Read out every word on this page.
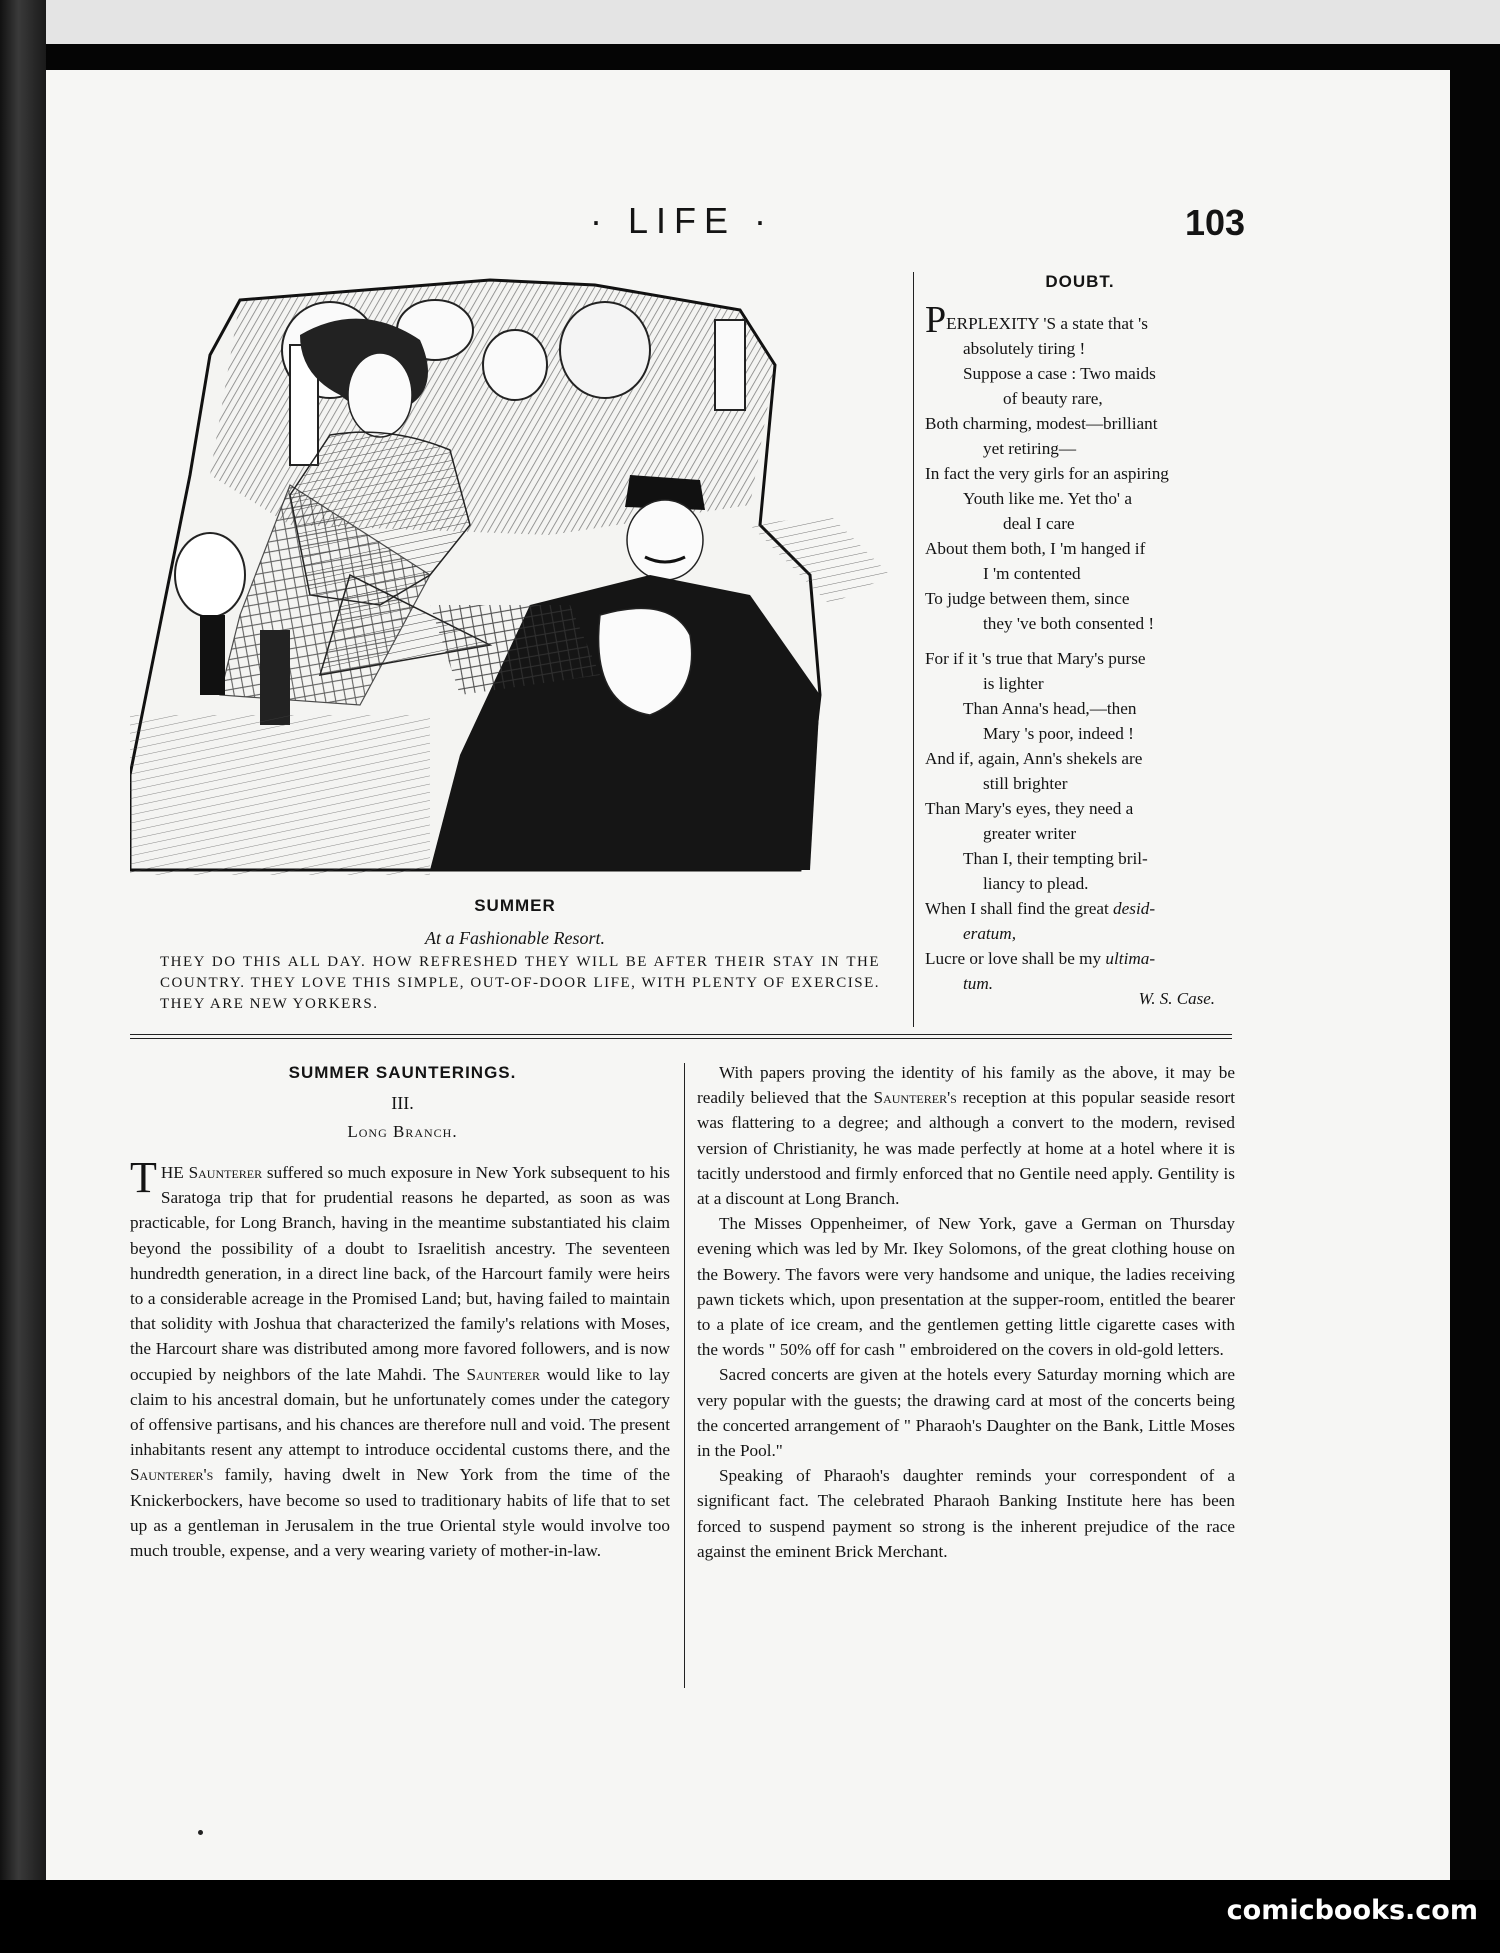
· LIFE ·	103
SUMMER
At a Fashionable Resort.
THEY DO THIS ALL DAY. HOW REFRESHED THEY WILL BE AFTER THEIR STAY IN THE COUNTRY. THEY LOVE THIS SIMPLE, OUT-OF-DOOR LIFE, WITH PLENTY OF EXERCISE. THEY ARE NEW YORKERS.
DOUBT.
PERPLEXITY 'S a state that 's
absolutely tiring !
Suppose a case : Two maids
of beauty rare,
Both charming, modest—brilliant
yet retiring—
In fact the very girls for an aspiring
Youth like me. Yet tho' a
deal I care
About them both, I 'm hanged if
I 'm contented
To judge between them, since
they 've both consented !
For if it 's true that Mary's purse
is lighter
Than Anna's head,—then
Mary 's poor, indeed !
And if, again, Ann's shekels are
still brighter
Than Mary's eyes, they need a
greater writer
Than I, their tempting bril-
liancy to plead.
When I shall find the great desid-
eratum,
Lucre or love shall be my ultima-
tum.
W. S. Case.
SUMMER SAUNTERINGS.
III.
Long Branch.
THE Saunterer suffered so much exposure in New York subsequent to his Saratoga trip that for prudential reasons he departed, as soon as was practicable, for Long Branch, having in the meantime substantiated his claim beyond the possibility of a doubt to Israelitish ancestry. The seventeen hundredth generation, in a direct line back, of the Harcourt family were heirs to a considerable acreage in the Promised Land; but, having failed to maintain that solidity with Joshua that characterized the family's relations with Moses, the Harcourt share was distributed among more favored followers, and is now occupied by neighbors of the late Mahdi. The Saunterer would like to lay claim to his ancestral domain, but he unfortunately comes under the category of offensive partisans, and his chances are therefore null and void. The present inhabitants resent any attempt to introduce occidental customs there, and the Saunterer's family, having dwelt in New York from the time of the Knickerbockers, have become so used to traditionary habits of life that to set up as a gentleman in Jerusalem in the true Oriental style would involve too much trouble, expense, and a very wearing variety of mother-in-law.

With papers proving the identity of his family as the above, it may be readily believed that the Saunterer's reception at this popular seaside resort was flattering to a degree; and although a convert to the modern, revised version of Christianity, he was made perfectly at home at a hotel where it is tacitly understood and firmly enforced that no Gentile need apply. Gentility is at a discount at Long Branch.

The Misses Oppenheimer, of New York, gave a German on Thursday evening which was led by Mr. Ikey Solomons, of the great clothing house on the Bowery. The favors were very handsome and unique, the ladies receiving pawn tickets which, upon presentation at the supper-room, entitled the bearer to a plate of ice cream, and the gentlemen getting little cigarette cases with the words " 50% off for cash " embroidered on the covers in old-gold letters.

Sacred concerts are given at the hotels every Saturday morning which are very popular with the guests; the drawing card at most of the concerts being the concerted arrangement of " Pharaoh's Daughter on the Bank, Little Moses in the Pool."

Speaking of Pharaoh's daughter reminds your correspondent of a significant fact. The celebrated Pharaoh Banking Institute here has been forced to suspend payment so strong is the inherent prejudice of the race against the eminent Brick Merchant.

comicbooks.com
